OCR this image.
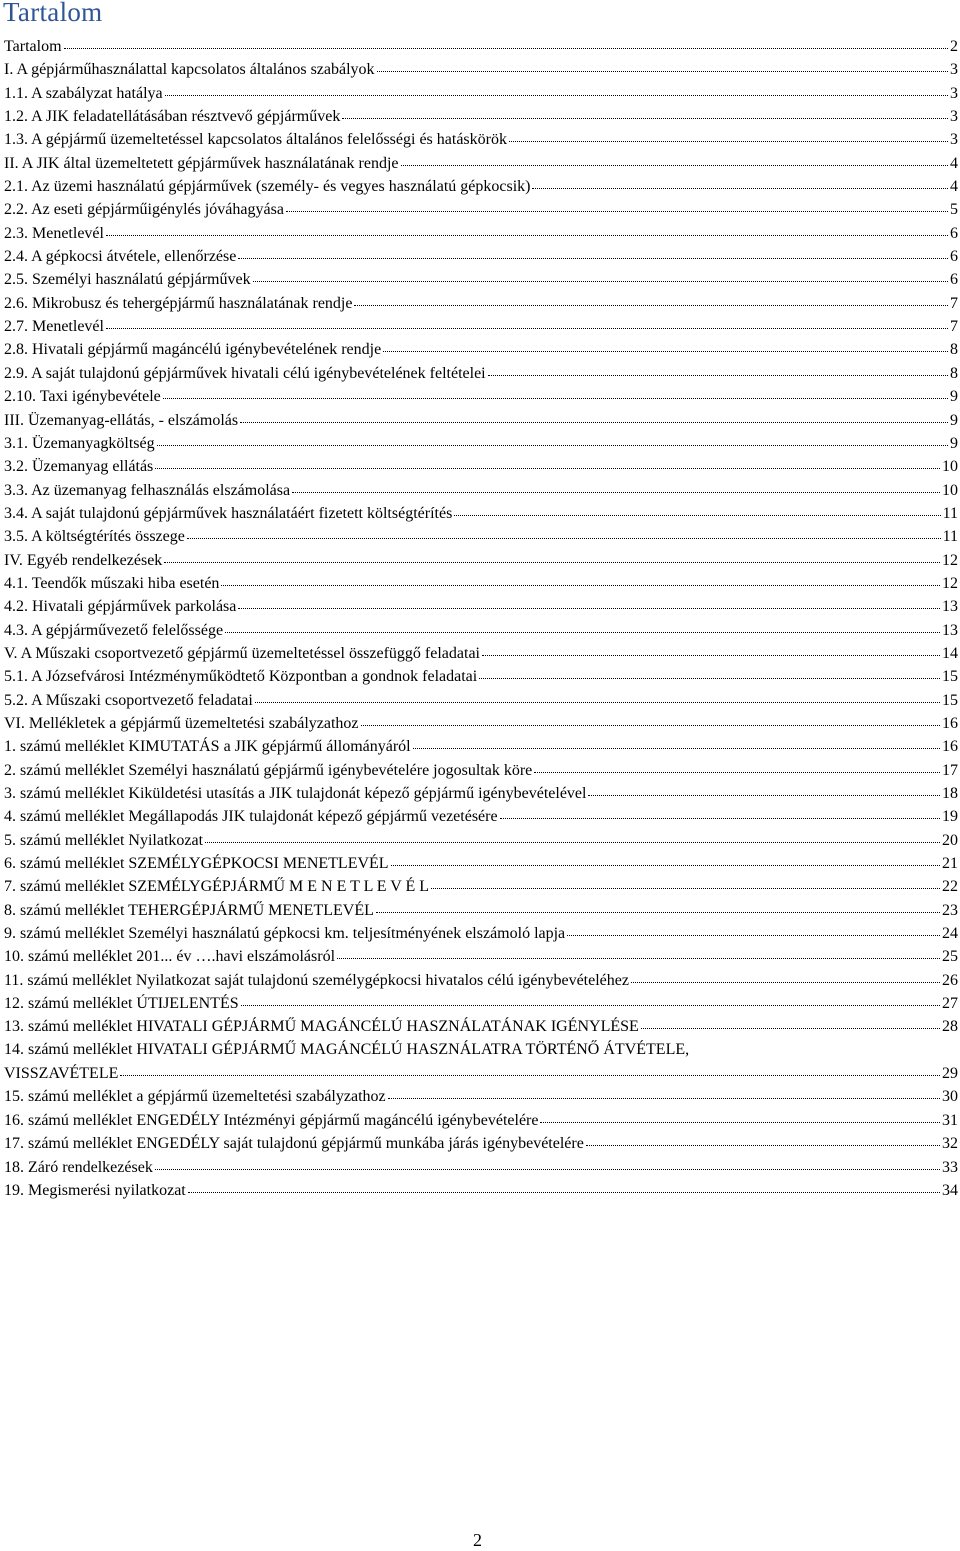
Tartalom
Tartalom	2
I. A gépjárműhasználattal kapcsolatos általános szabályok	3
1.1. A szabályzat hatálya	3
1.2. A JIK feladatellátásában résztvevő gépjárművek	3
1.3. A gépjármű üzemeltetéssel kapcsolatos általános felelősségi és hatáskörök	3
II. A JIK által üzemeltetett gépjárművek használatának rendje	4
2.1. Az üzemi használatú gépjárművek (személy- és vegyes használatú gépkocsik)	4
2.2. Az eseti gépjárműigénylés jóváhagyása	5
2.3. Menetlevél	6
2.4. A gépkocsi átvétele, ellenőrzése	6
2.5. Személyi használatú gépjárművek	6
2.6. Mikrobusz és tehergépjármű használatának rendje	7
2.7. Menetlevél	7
2.8. Hivatali gépjármű magáncélú igénybevételének rendje	8
2.9. A saját tulajdonú gépjárművek hivatali célú igénybevételének feltételei	8
2.10. Taxi igénybevétele	9
III. Üzemanyag-ellátás, - elszámolás	9
3.1. Üzemanyagköltség	9
3.2. Üzemanyag ellátás	10
3.3. Az üzemanyag felhasználás elszámolása	10
3.4. A saját tulajdonú gépjárművek használatáért fizetett költségtérítés	11
3.5. A költségtérítés összege	11
IV. Egyéb rendelkezések	12
4.1. Teendők műszaki hiba esetén	12
4.2. Hivatali gépjárművek parkolása	13
4.3. A gépjárművezető felelőssége	13
V. A Műszaki csoportvezető gépjármű üzemeltetéssel összefüggő feladatai	14
5.1. A Józsefvárosi Intézményműködtető Központban a gondnok feladatai	15
5.2. A Műszaki csoportvezető feladatai	15
VI. Mellékletek a gépjármű üzemeltetési szabályzathoz	16
1. számú melléklet KIMUTATÁS a JIK gépjármű állományáról	16
2. számú melléklet Személyi használatú gépjármű igénybevételére jogosultak köre	17
3. számú melléklet Kiküldetési utasítás a JIK tulajdonát képező gépjármű igénybevételével	18
4. számú melléklet Megállapodás JIK tulajdonát képező gépjármű vezetésére	19
5. számú melléklet Nyilatkozat	20
6. számú melléklet SZEMÉLYGÉPKOCSI MENETLEVÉL	21
7. számú melléklet SZEMÉLYGÉPJÁRMŰ M E N E T L E V É L	22
8. számú melléklet TEHERGÉPJÁRMŰ MENETLEVÉL	23
9. számú melléklet Személyi használatú gépkocsi km. teljesítményének elszámoló lapja	24
10. számú melléklet 201... év ….havi elszámolásról	25
11. számú melléklet Nyilatkozat saját tulajdonú személygépkocsi hivatalos célú igénybevételéhez	26
12. számú melléklet ÚTIJELENTÉS	27
13. számú melléklet HIVATALI GÉPJÁRMŰ MAGÁNCÉLÚ HASZNÁLATÁNAK IGÉNYLÉSE	28
14. számú melléklet HIVATALI GÉPJÁRMŰ MAGÁNCÉLÚ HASZNÁLATRA TÖRTÉNŐ ÁTVÉTELE,
VISSZAVÉTELE	29
15. számú melléklet a gépjármű üzemeltetési szabályzathoz	30
16. számú melléklet ENGEDÉLY Intézményi gépjármű magáncélú igénybevételére	31
17. számú melléklet ENGEDÉLY saját tulajdonú gépjármű munkába járás igénybevételére	32
18. Záró rendelkezések	33
19. Megismerési nyilatkozat	34
2
